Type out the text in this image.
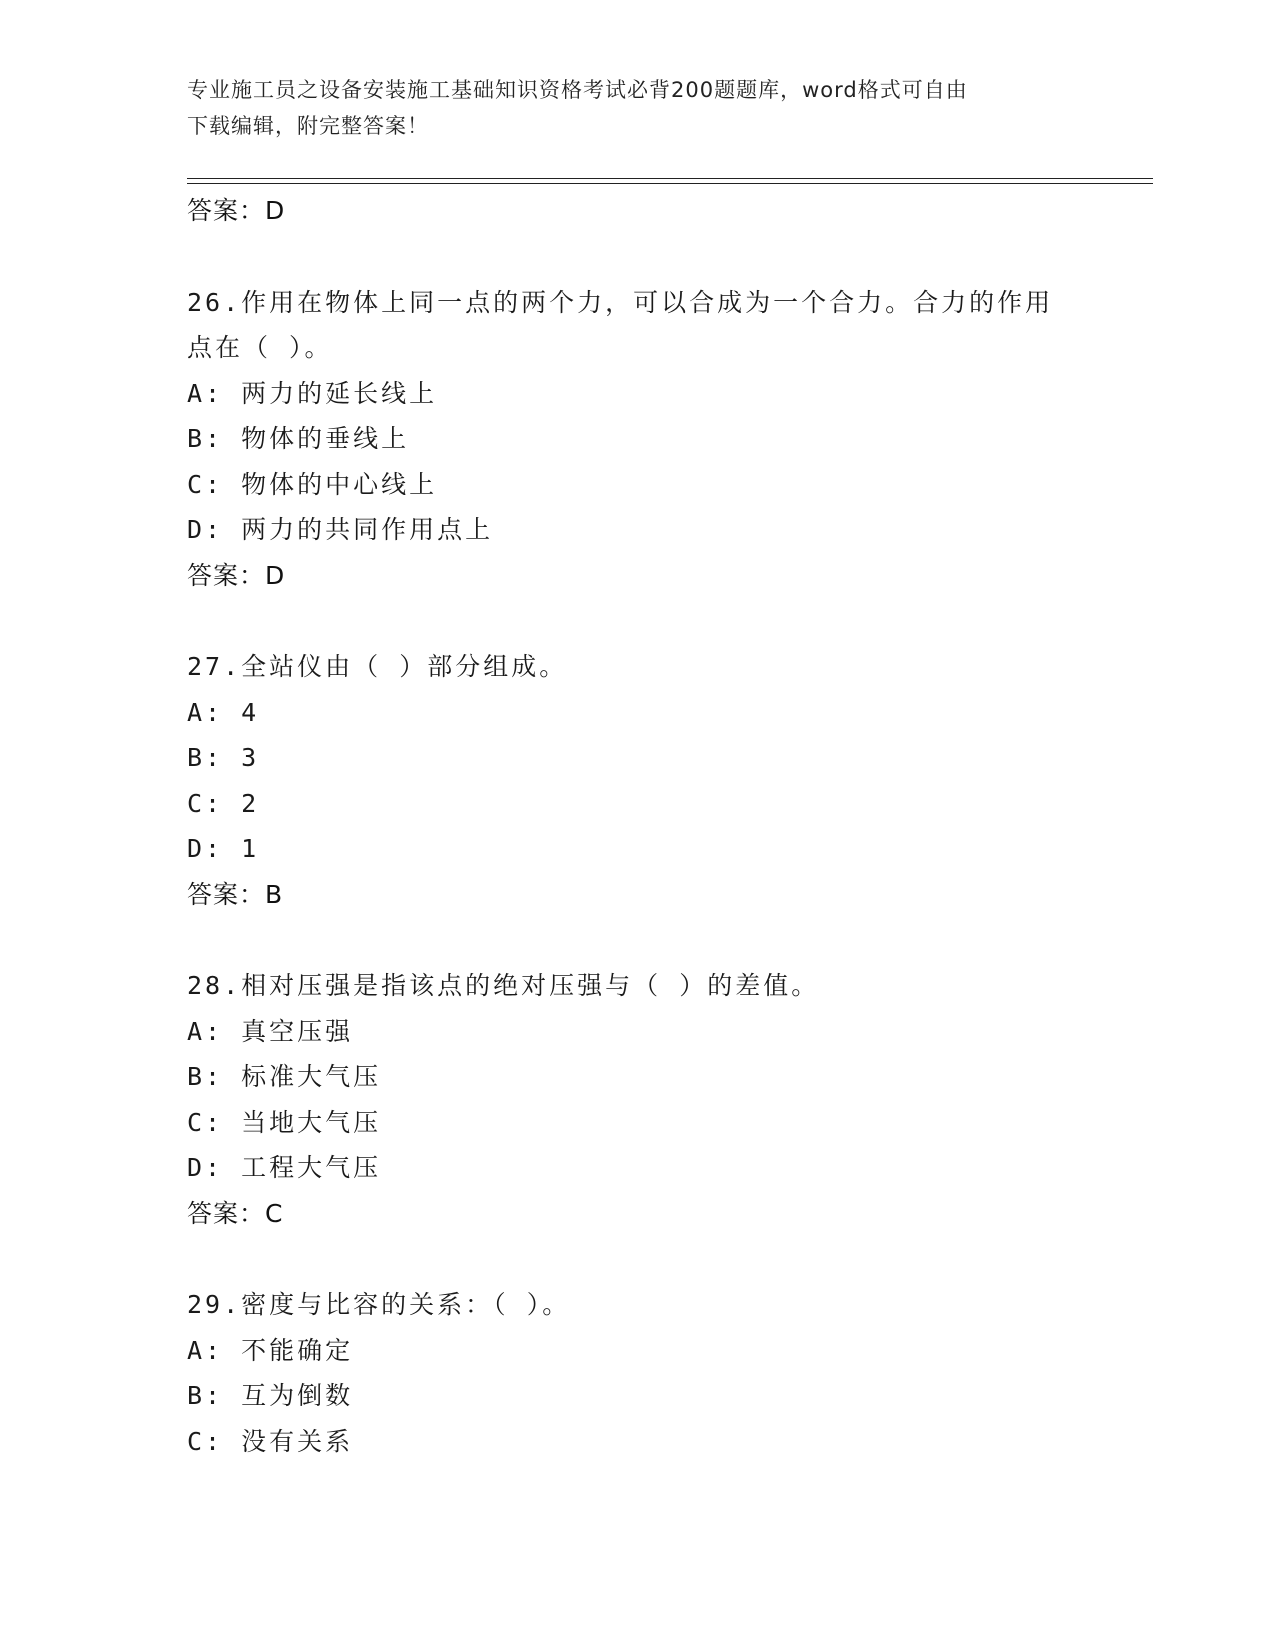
专业施工员之设备安装施工基础知识资格考试必背200题题库，word格式可自由
下载编辑，附完整答案！
答案：D
26.作用在物体上同一点的两个力，可以合成为一个合力。合力的作用
点在（ ）。
A: 两力的延长线上
B: 物体的垂线上
C: 物体的中心线上
D: 两力的共同作用点上
答案：D
27.全站仪由（ ）部分组成。
A: 4
B: 3
C: 2
D: 1
答案：B
28.相对压强是指该点的绝对压强与（ ）的差值。
A: 真空压强
B: 标准大气压
C: 当地大气压
D: 工程大气压
答案：C
29.密度与比容的关系：（ ）。
A: 不能确定
B: 互为倒数
C: 没有关系
